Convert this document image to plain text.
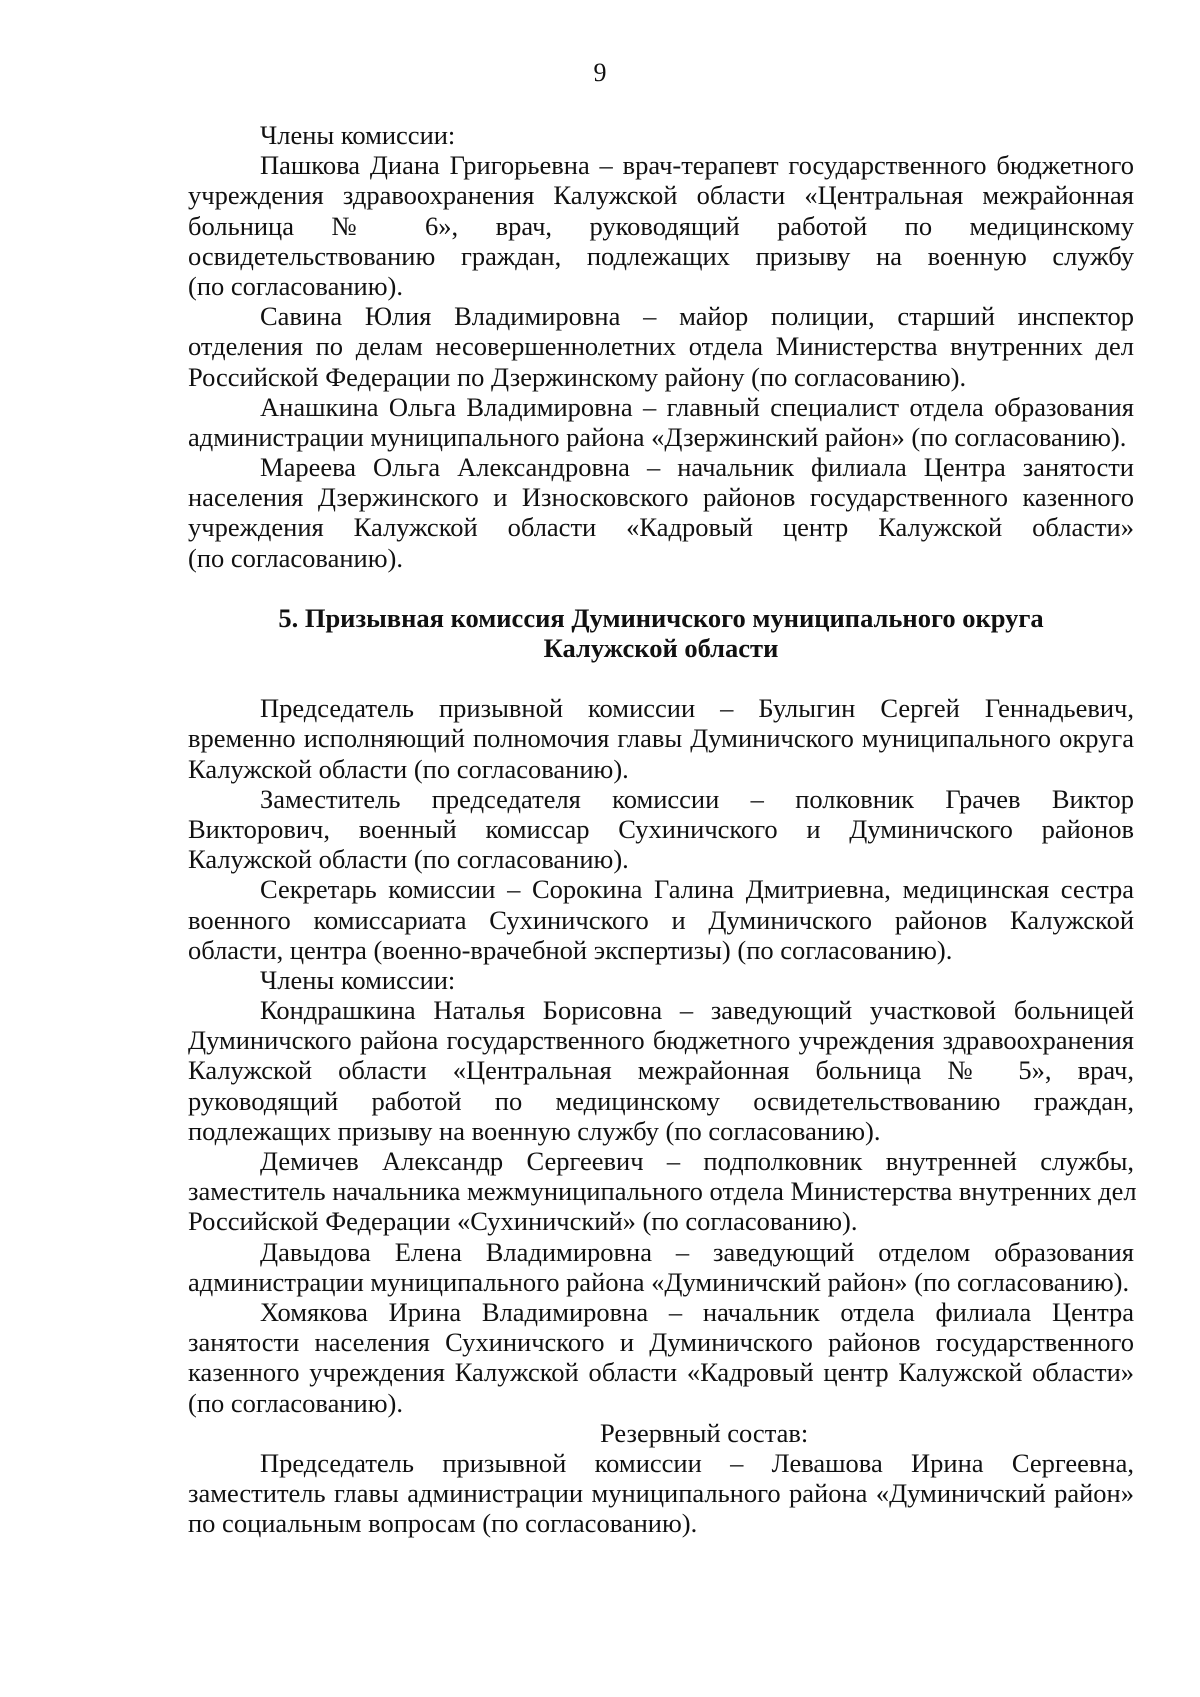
9
Члены комиссии:
Пашкова Диана Григорьевна – врач-терапевт государственного бюджетного
учреждения здравоохранения Калужской области «Центральная межрайонная
больница № 6», врач, руководящий работой по медицинскому
освидетельствованию граждан, подлежащих призыву на военную службу
(по согласованию).
Савина Юлия Владимировна – майор полиции, старший инспектор
отделения по делам несовершеннолетних отдела Министерства внутренних дел
Российской Федерации по Дзержинскому району (по согласованию).
Анашкина Ольга Владимировна – главный специалист отдела образования
администрации муниципального района «Дзержинский район» (по согласованию).
Мареева Ольга Александровна – начальник филиала Центра занятости
населения Дзержинского и Износковского районов государственного казенного
учреждения Калужской области «Кадровый центр Калужской области»
(по согласованию).
5. Призывная комиссия Думиничского муниципального округа
Калужской области
Председатель призывной комиссии – Булыгин Сергей Геннадьевич,
временно исполняющий полномочия главы Думиничского муниципального округа
Калужской области (по согласованию).
Заместитель председателя комиссии – полковник Грачев Виктор
Викторович, военный комиссар Сухиничского и Думиничского районов
Калужской области (по согласованию).
Секретарь комиссии – Сорокина Галина Дмитриевна, медицинская сестра
военного комиссариата Сухиничского и Думиничского районов Калужской
области, центра (военно-врачебной экспертизы) (по согласованию).
Члены комиссии:
Кондрашкина Наталья Борисовна – заведующий участковой больницей
Думиничского района государственного бюджетного учреждения здравоохранения
Калужской области «Центральная межрайонная больница № 5», врач,
руководящий работой по медицинскому освидетельствованию граждан,
подлежащих призыву на военную службу (по согласованию).
Демичев Александр Сергеевич – подполковник внутренней службы,
заместитель начальника межмуниципального отдела Министерства внутренних дел
Российской Федерации «Сухиничский» (по согласованию).
Давыдова Елена Владимировна – заведующий отделом образования
администрации муниципального района «Думиничский район» (по согласованию).
Хомякова Ирина Владимировна – начальник отдела филиала Центра
занятости населения Сухиничского и Думиничского районов государственного
казенного учреждения Калужской области «Кадровый центр Калужской области»
(по согласованию).
Резервный состав:
Председатель призывной комиссии – Левашова Ирина Сергеевна,
заместитель главы администрации муниципального района «Думиничский район»
по социальным вопросам (по согласованию).
